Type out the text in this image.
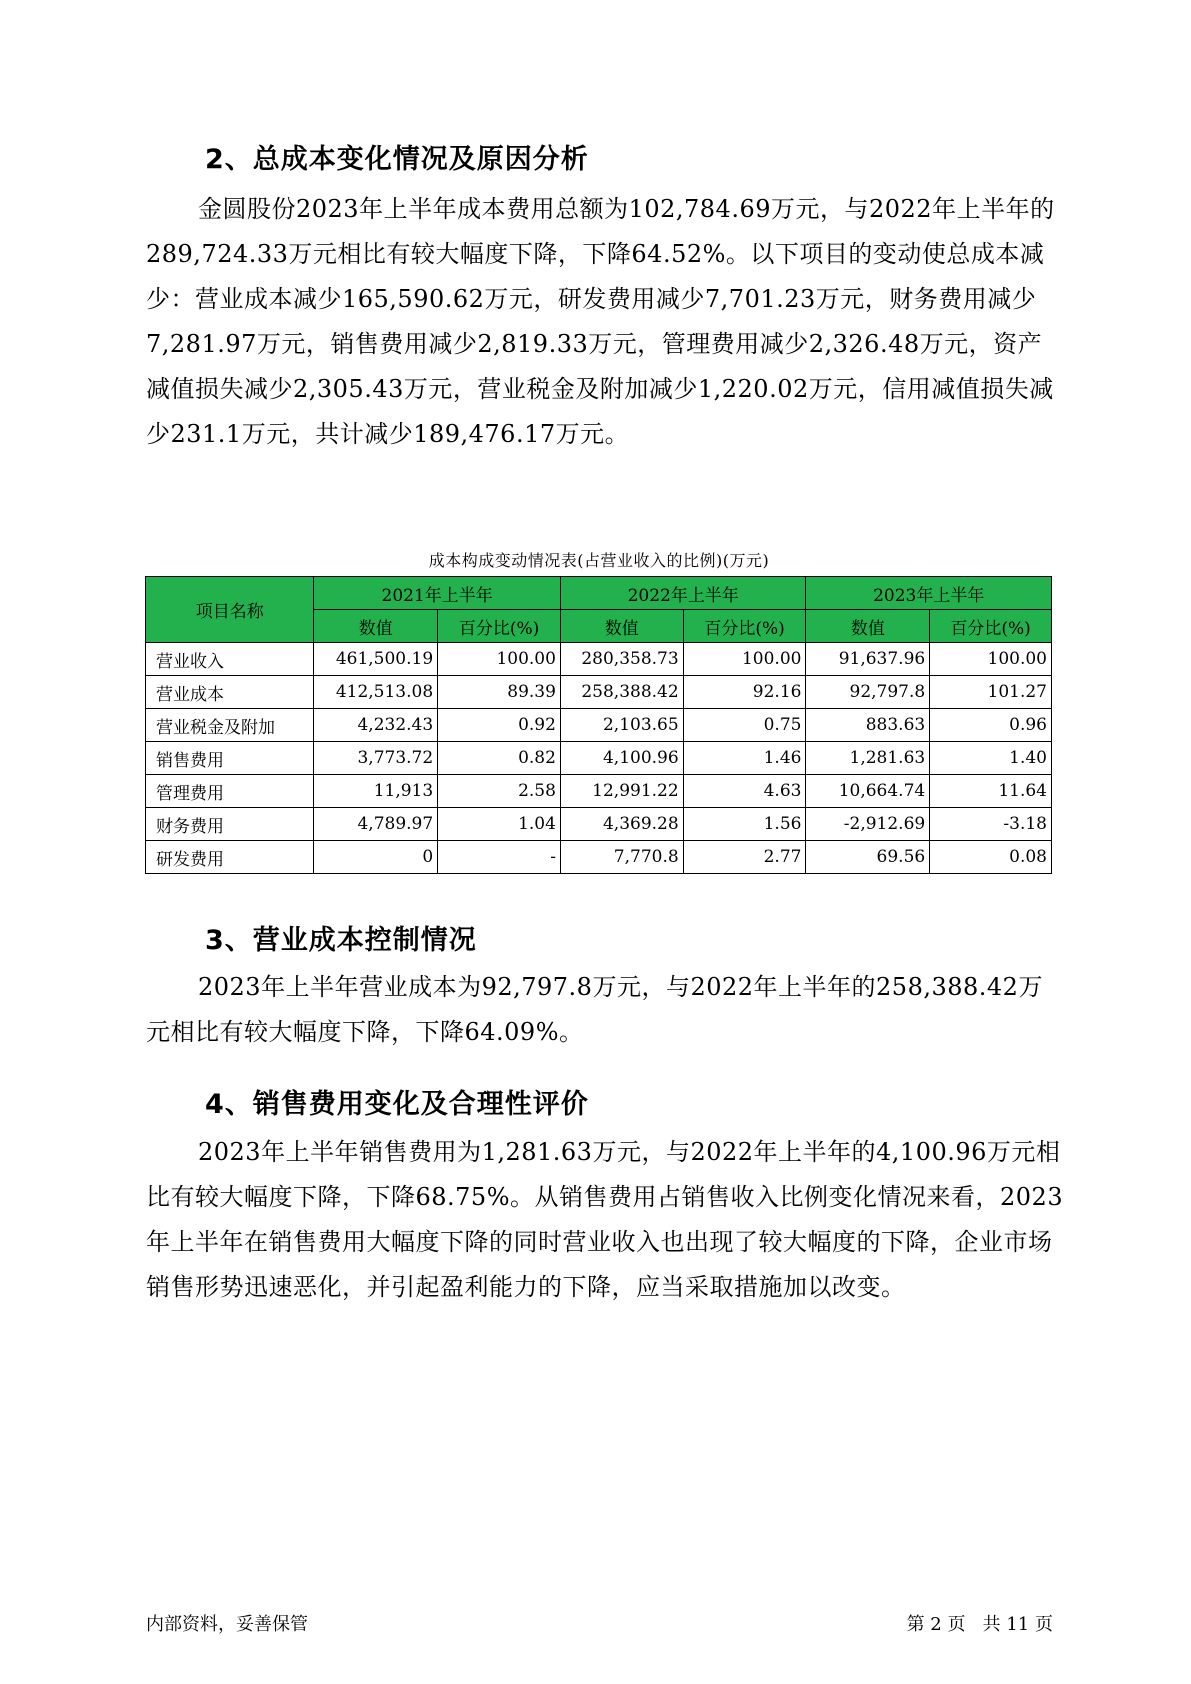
2、总成本变化情况及原因分析

金圆股份2023年上半年成本费用总额为102,784.69万元，与2022年上半年的289,724.33万元相比有较大幅度下降，下降64.52%。以下项目的变动使总成本减少：营业成本减少165,590.62万元，研发费用减少7,701.23万元，财务费用减少7,281.97万元，销售费用减少2,819.33万元，管理费用减少2,326.48万元，资产减值损失减少2,305.43万元，营业税金及附加减少1,220.02万元，信用减值损失减少231.1万元，共计减少189,476.17万元。

成本构成变动情况表(占营业收入的比例)(万元)
项目名称	2021年上半年		2022年上半年		2023年上半年	
	数值	百分比(%)	数值	百分比(%)	数值	百分比(%)
营业收入	461,500.19	100.00	280,358.73	100.00	91,637.96	100.00
营业成本	412,513.08	89.39	258,388.42	92.16	92,797.8	101.27
营业税金及附加	4,232.43	0.92	2,103.65	0.75	883.63	0.96
销售费用	3,773.72	0.82	4,100.96	1.46	1,281.63	1.40
管理费用	11,913	2.58	12,991.22	4.63	10,664.74	11.64
财务费用	4,789.97	1.04	4,369.28	1.56	-2,912.69	-3.18
研发费用	0	-	7,770.8	2.77	69.56	0.08
3、营业成本控制情况

2023年上半年营业成本为92,797.8万元，与2022年上半年的258,388.42万元相比有较大幅度下降，下降64.09%。

4、销售费用变化及合理性评价

2023年上半年销售费用为1,281.63万元，与2022年上半年的4,100.96万元相比有较大幅度下降，下降68.75%。从销售费用占销售收入比例变化情况来看，2023年上半年在销售费用大幅度下降的同时营业收入也出现了较大幅度的下降，企业市场销售形势迅速恶化，并引起盈利能力的下降，应当采取措施加以改变。

内部资料，妥善保管	第 2 页   共 11 页
